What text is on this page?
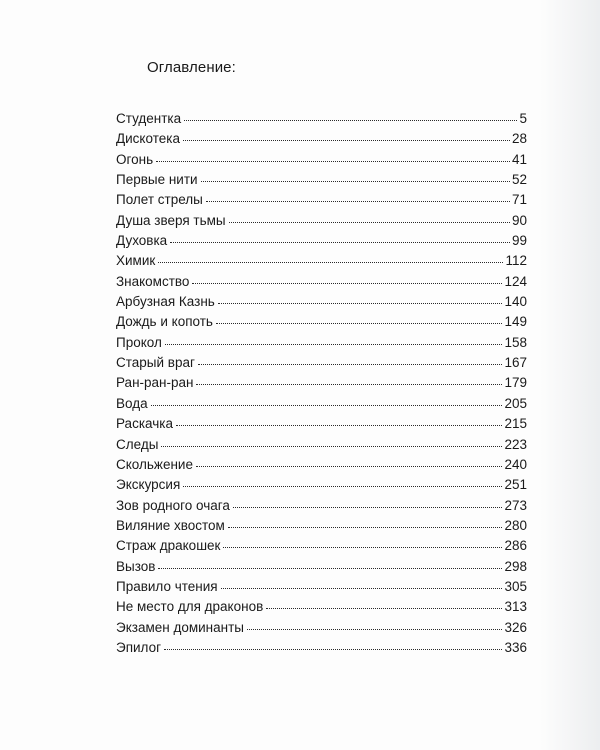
Оглавление:
Студентка	5
Дискотека	28
Огонь	41
Первые нити	52
Полет стрелы	71
Душа зверя тьмы	90
Духовка	99
Химик	112
Знакомство	124
Арбузная Казнь	140
Дождь и копоть	149
Прокол	158
Старый враг	167
Ран-ран-ран	179
Вода	205
Раскачка	215
Следы	223
Скольжение	240
Экскурсия	251
Зов родного очага	273
Виляние хвостом	280
Страж дракошек	286
Вызов	298
Правило чтения	305
Не место для драконов	313
Экзамен доминанты	326
Эпилог	336
